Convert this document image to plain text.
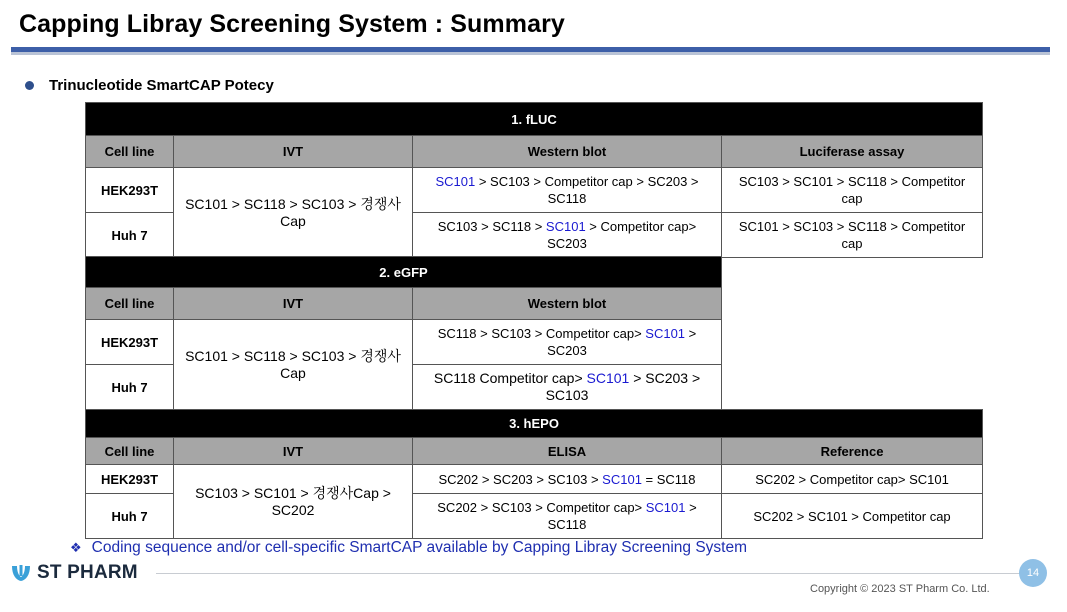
Capping Libray Screening System : Summary
Trinucleotide SmartCAP Potecy
1. fLUC			
Cell line	IVT	Western blot	Luciferase assay
HEK293T	SC101 > SC118 > SC103 > 경쟁사Cap	SC101 > SC103 > Competitor cap > SC203 > SC118	SC103 > SC101 > SC118 > Competitor cap
Huh 7		SC103 > SC118 > SC101 > Competitor cap> SC203	SC101 > SC103 > SC118 > Competitor cap
2. eGFP		
Cell line	IVT	Western blot
HEK293T	SC101 > SC118 > SC103 > 경쟁사Cap	SC118 > SC103 > Competitor cap> SC101 > SC203
Huh 7		SC118 Competitor cap> SC101 > SC203 > SC103
3. hEPO			
Cell line	IVT	ELISA	Reference
HEK293T	SC103 > SC101 > 경쟁사Cap > SC202	SC202 > SC203 > SC103 > SC101 = SC118	SC202 > Competitor cap> SC101
Huh 7		SC202 > SC103 > Competitor cap> SC101 > SC118	SC202 > SC101 > Competitor cap
❖ Coding sequence and/or cell-specific SmartCAP available by Capping Libray Screening System
ST PHARM	14
Copyright © 2023 ST Pharm Co. Ltd.
